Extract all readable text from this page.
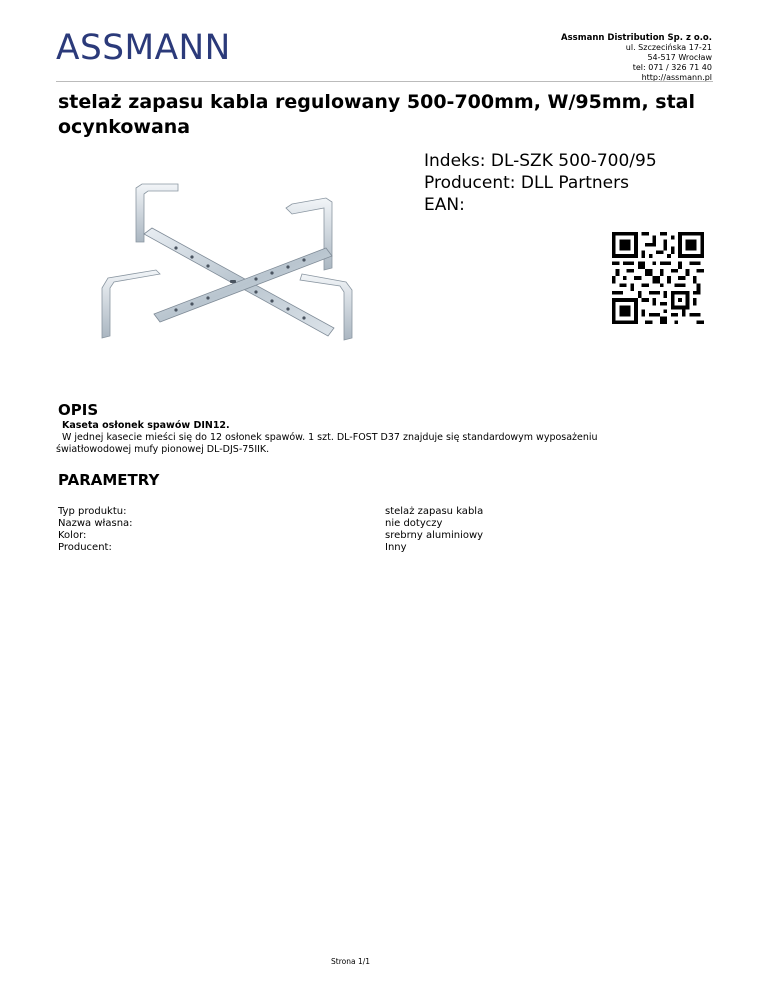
ASSMANN	Assmann Distribution Sp. z o.o.
ul. Szczecińska 17-21
54-517 Wrocław
tel: 071 / 326 71 40
http://assmann.pl
stelaż zapasu kabla regulowany 500-700mm, W/95mm, stal ocynkowana
Indeks: DL-SZK 500-700/95
Producent: DLL Partners
EAN:
OPIS
Kaseta osłonek spawów DIN12.
W jednej kasecie mieści się do 12 osłonek spawów. 1 szt. DL-FOST D37 znajduje się standardowym wyposażeniu
światłowodowej mufy pionowej DL-DJS-75IIK.
PARAMETRY
Typ produktu:	stelaż zapasu kabla
Nazwa własna:	nie dotyczy
Kolor:	srebrny aluminiowy
Producent:	Inny
Strona 1/1
